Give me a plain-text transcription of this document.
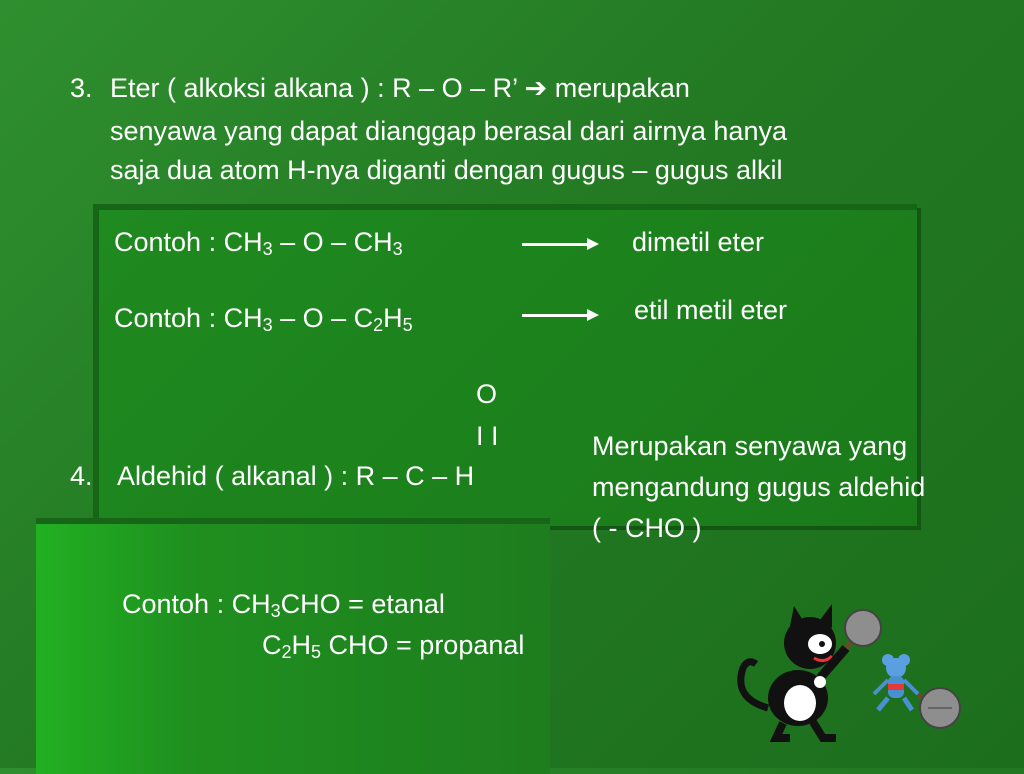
3. Eter ( alkoksi alkana ) : R – O – R’ ➔ merupakan
senyawa yang dapat dianggap berasal dari airnya hanya
saja dua atom H-nya diganti dengan gugus – gugus alkil
Contoh : $CH_3$ – O – $CH_3$	dimetil eter
Contoh : $CH_3$ – O – $C_2H_5$	etil metil eter
O
I I
4. Aldehid ( alkanal ) : R – C – H
Merupakan senyawa yang
mengandung gugus aldehid
( - CHO )
Contoh : $CH_3CHO$ = etanal
$C_2H_5$ CHO = propanal
